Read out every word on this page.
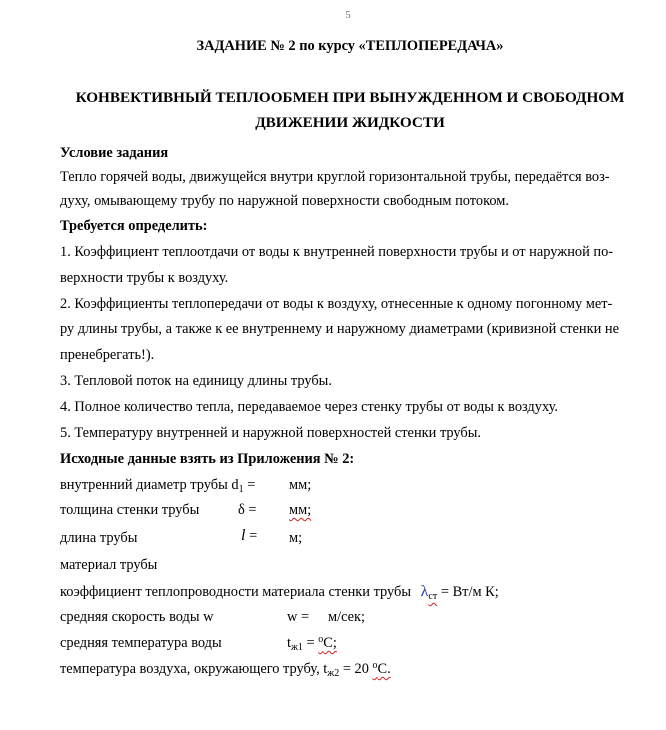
5
ЗАДАНИЕ № 2 по курсу «ТЕПЛОПЕРЕДАЧА»
КОНВЕКТИВНЫЙ ТЕПЛООБМЕН ПРИ ВЫНУЖДЕННОМ И СВОБОДНОМ
ДВИЖЕНИИ ЖИДКОСТИ
Условие задания
Тепло горячей воды, движущейся внутри круглой горизонтальной трубы, передаётся воз-
духу, омывающему трубу по наружной поверхности свободным потоком.
Требуется определить:
1. Коэффициент теплоотдачи от воды к внутренней поверхности трубы и от наружной по-
верхности трубы к воздуху.
2. Коэффициенты теплопередачи от воды к воздуху, отнесенные к одному погонному мет-
ру длины трубы, а также к ее внутреннему и наружному диаметрами (кривизной стенки не
пренебрегать!).
3. Тепловой поток на единицу длины трубы.
4. Полное количество тепла, передаваемое через стенку трубы от воды к воздуху.
5. Температуру внутренней и наружной поверхностей стенки трубы.
Исходные данные взять из Приложения № 2:
внутренний диаметр трубы $d_1$ = мм;
толщина стенки трубы	δ = мм;
длина трубы	l = м;
материал трубы
коэффициент теплопроводности материала стенки трубы $\lambda_{ст} = Вт/м$ К;
средняя скорость воды w	w = м/сек;
средняя температура воды	$t_{ж1} = ^оС$;
температура воздуха, окружающего трубу, $t_{ж2} = 20$ $^о$С.
